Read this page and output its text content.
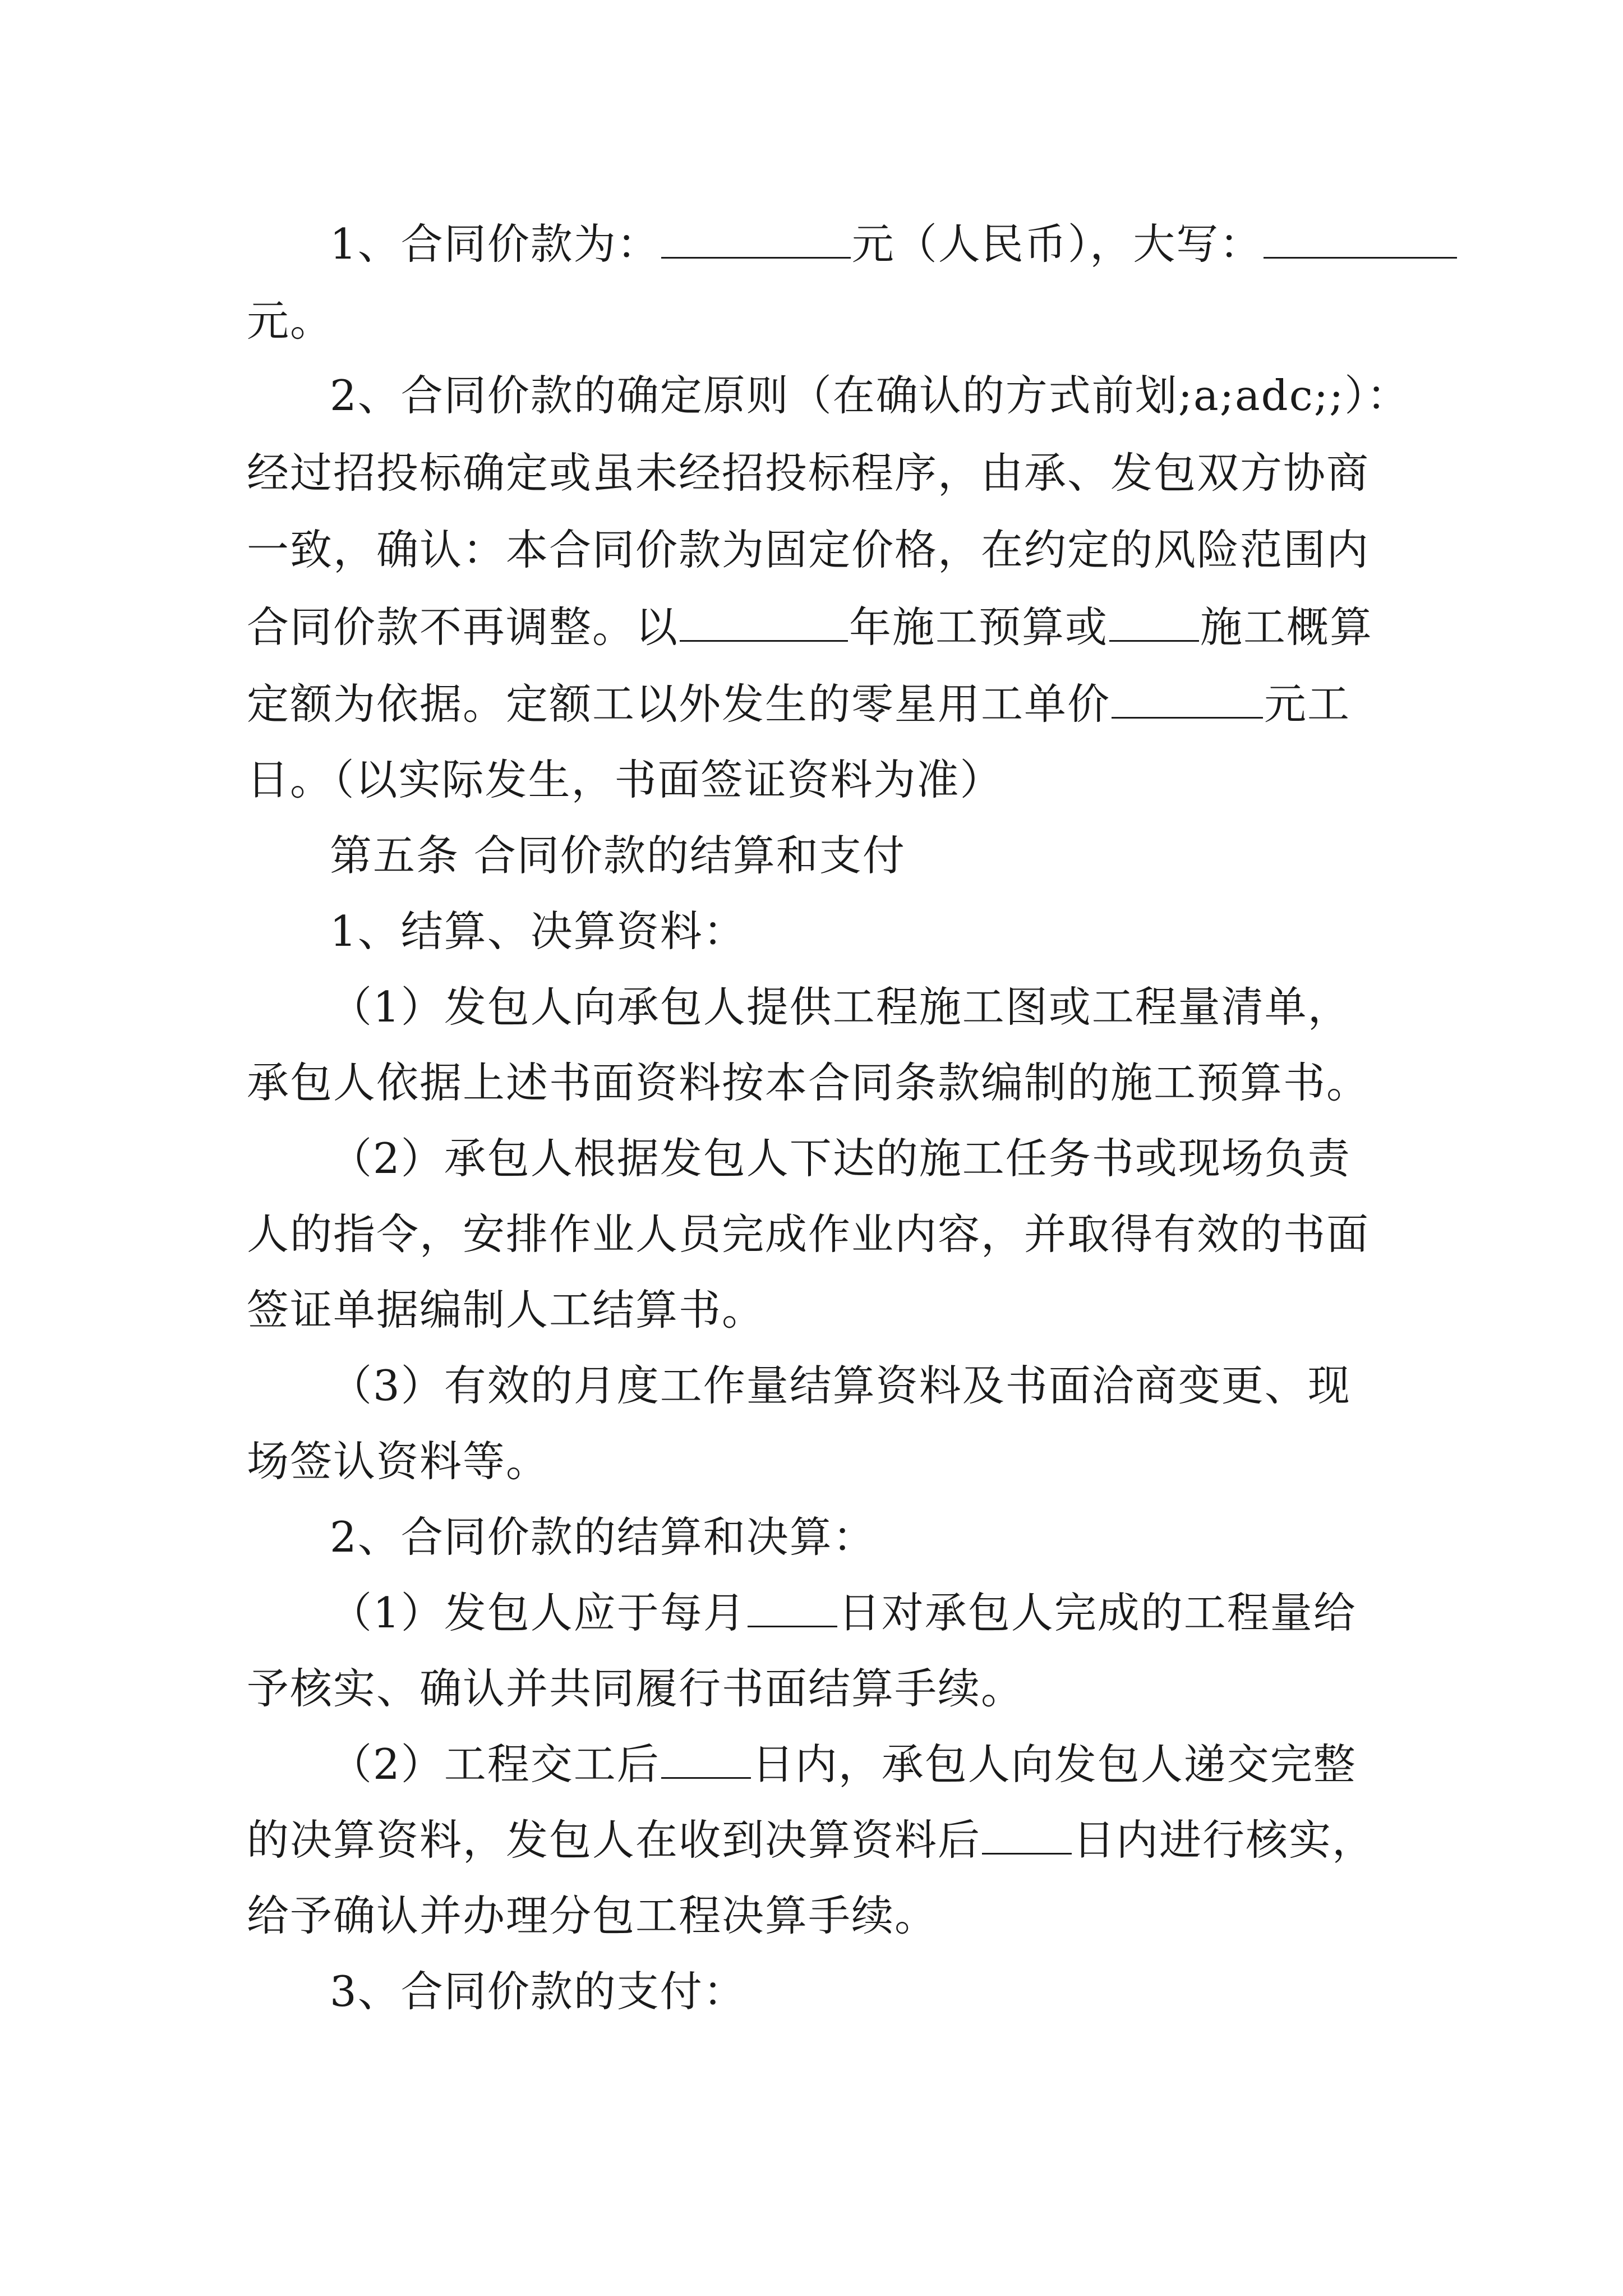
1、合同价款为：	元（人民币），大写：
元。
2、合同价款的确定原则（在确认的方式前划;a;adc;;）：
经过招投标确定或虽未经招投标程序，由承、发包双方协商
一致，确认：本合同价款为固定价格，在约定的风险范围内
合同价款不再调整。以	年施工预算或 施工概算
定额为依据。定额工以外发生的零星用工单价	元工
日。（以实际发生，书面签证资料为准）
第五条 合同价款的结算和支付
1、结算、决算资料：
（1）发包人向承包人提供工程施工图或工程量清单，
承包人依据上述书面资料按本合同条款编制的施工预算书。
（2）承包人根据发包人下达的施工任务书或现场负责
人的指令，安排作业人员完成作业内容，并取得有效的书面
签证单据编制人工结算书。
（3）有效的月度工作量结算资料及书面洽商变更、现
场签认资料等。
2、合同价款的结算和决算：
（1）发包人应于每月 日对承包人完成的工程量给
予核实、确认并共同履行书面结算手续。
（2）工程交工后 日内，承包人向发包人递交完整
的决算资料，发包人在收到决算资料后 日内进行核实，
给予确认并办理分包工程决算手续。
3、合同价款的支付：
